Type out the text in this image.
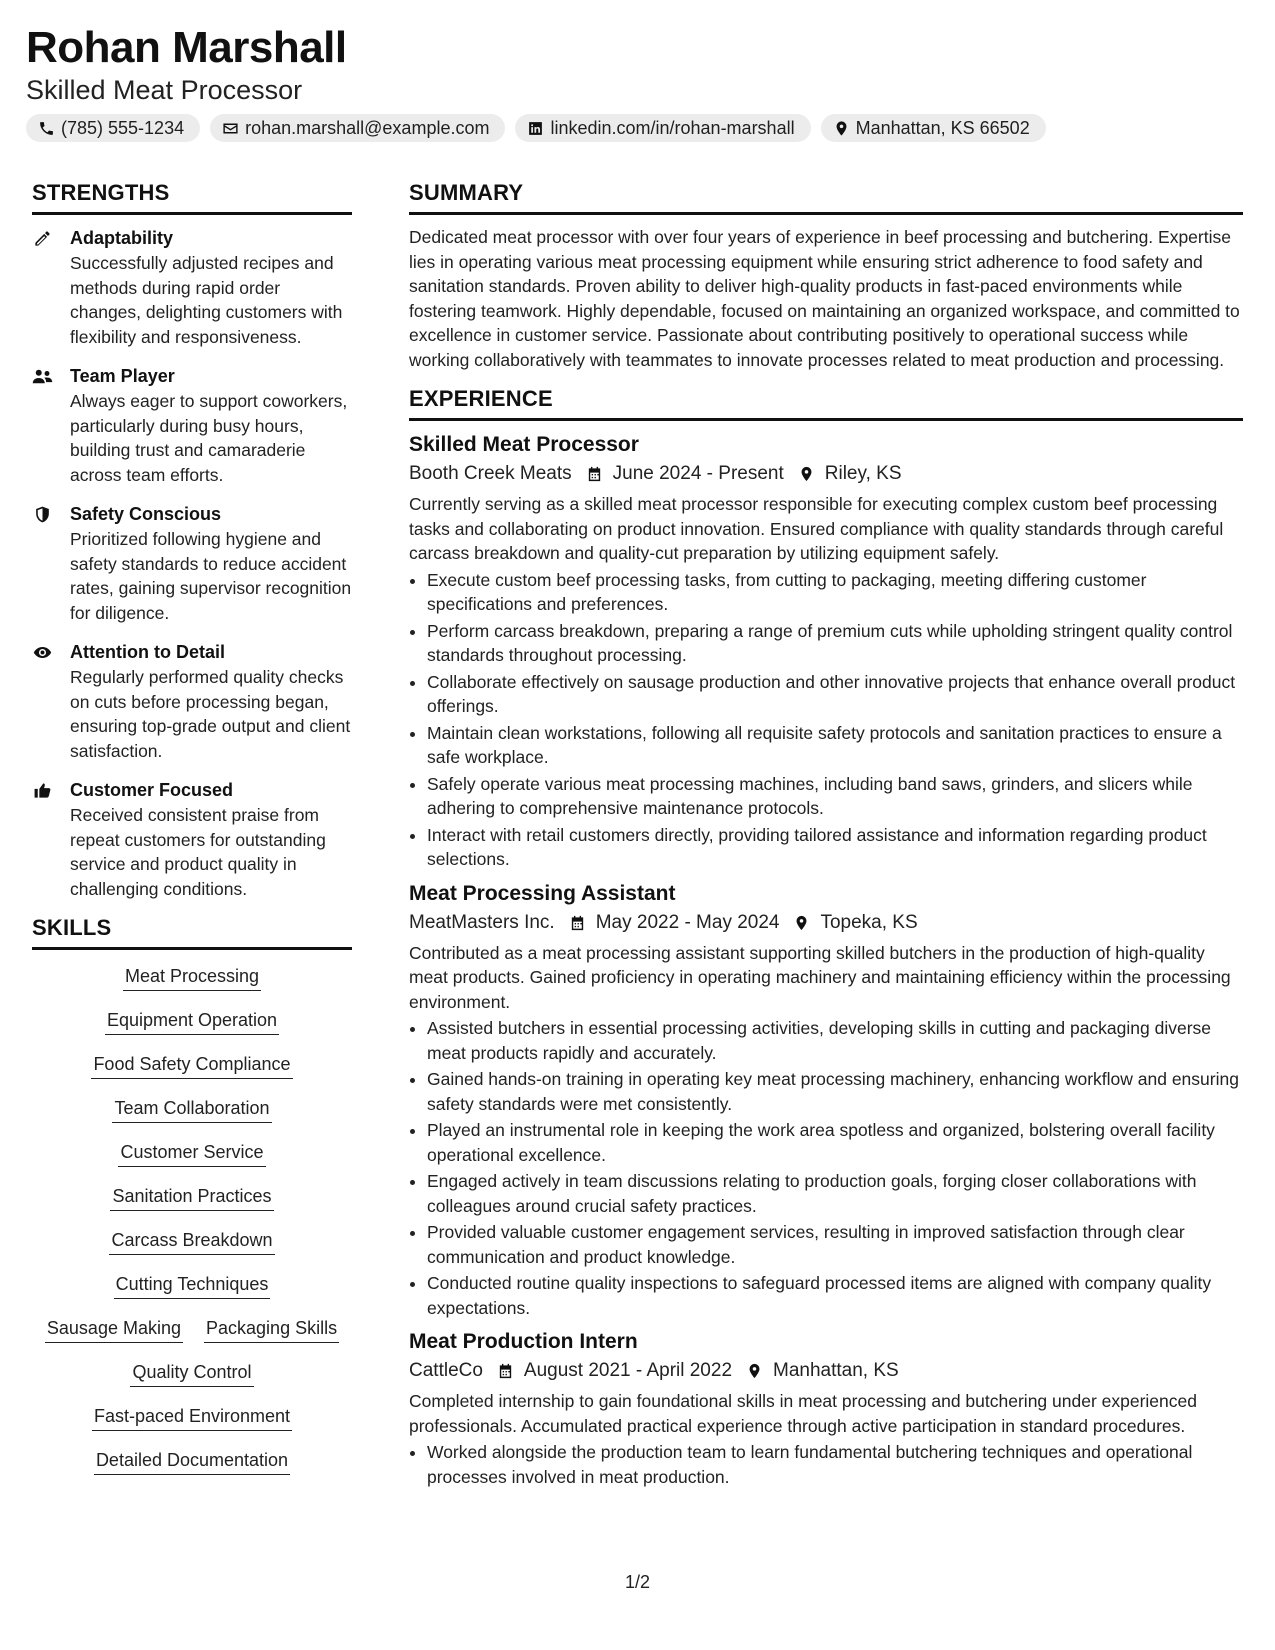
Rohan Marshall
Skilled Meat Processor
(785) 555-1234	rohan.marshall@example.com	linkedin.com/in/rohan-marshall	Manhattan, KS 66502
STRENGTHS
Adaptability
Successfully adjusted recipes and methods during rapid order changes, delighting customers with flexibility and responsiveness.
Team Player
Always eager to support coworkers, particularly during busy hours, building trust and camaraderie across team efforts.
Safety Conscious
Prioritized following hygiene and safety standards to reduce accident rates, gaining supervisor recognition for diligence.
Attention to Detail
Regularly performed quality checks on cuts before processing began, ensuring top-grade output and client satisfaction.
Customer Focused
Received consistent praise from repeat customers for outstanding service and product quality in challenging conditions.
SKILLS
Meat Processing
Equipment Operation
Food Safety Compliance
Team Collaboration
Customer Service
Sanitation Practices
Carcass Breakdown
Cutting Techniques
Sausage Making Packaging Skills
Quality Control
Fast-paced Environment
Detailed Documentation
SUMMARY
Dedicated meat processor with over four years of experience in beef processing and butchering. Expertise lies in operating various meat processing equipment while ensuring strict adherence to food safety and sanitation standards. Proven ability to deliver high-quality products in fast-paced environments while fostering teamwork. Highly dependable, focused on maintaining an organized workspace, and committed to excellence in customer service. Passionate about contributing positively to operational success while working collaboratively with teammates to innovate processes related to meat production and processing.
EXPERIENCE
Skilled Meat Processor
Booth Creek Meats June 2024 - Present Riley, KS
Currently serving as a skilled meat processor responsible for executing complex custom beef processing tasks and collaborating on product innovation. Ensured compliance with quality standards through careful carcass breakdown and quality-cut preparation by utilizing equipment safely.
• Execute custom beef processing tasks, from cutting to packaging, meeting differing customer specifications and preferences.
• Perform carcass breakdown, preparing a range of premium cuts while upholding stringent quality control standards throughout processing.
• Collaborate effectively on sausage production and other innovative projects that enhance overall product offerings.
• Maintain clean workstations, following all requisite safety protocols and sanitation practices to ensure a safe workplace.
• Safely operate various meat processing machines, including band saws, grinders, and slicers while adhering to comprehensive maintenance protocols.
• Interact with retail customers directly, providing tailored assistance and information regarding product selections.
Meat Processing Assistant
MeatMasters Inc. May 2022 - May 2024 Topeka, KS
Contributed as a meat processing assistant supporting skilled butchers in the production of high-quality meat products. Gained proficiency in operating machinery and maintaining efficiency within the processing environment.
• Assisted butchers in essential processing activities, developing skills in cutting and packaging diverse meat products rapidly and accurately.
• Gained hands-on training in operating key meat processing machinery, enhancing workflow and ensuring safety standards were met consistently.
• Played an instrumental role in keeping the work area spotless and organized, bolstering overall facility operational excellence.
• Engaged actively in team discussions relating to production goals, forging closer collaborations with colleagues around crucial safety practices.
• Provided valuable customer engagement services, resulting in improved satisfaction through clear communication and product knowledge.
• Conducted routine quality inspections to safeguard processed items are aligned with company quality expectations.
Meat Production Intern
CattleCo August 2021 - April 2022 Manhattan, KS
Completed internship to gain foundational skills in meat processing and butchering under experienced professionals. Accumulated practical experience through active participation in standard procedures.
• Worked alongside the production team to learn fundamental butchering techniques and operational processes involved in meat production.
1/2
